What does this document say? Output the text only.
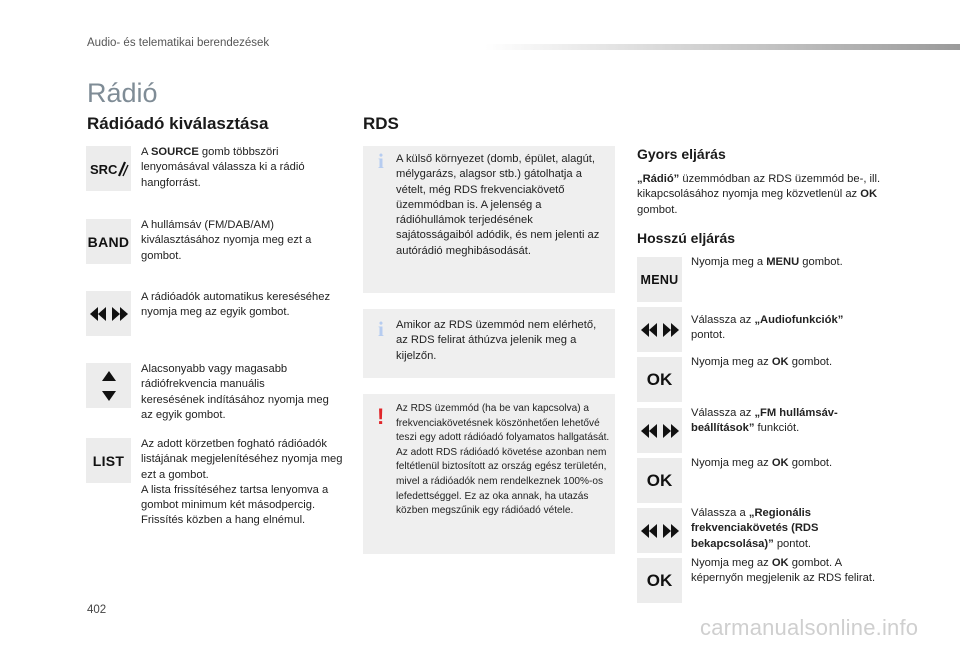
Audio- és telematikai berendezések
Rádió
Rádióadó kiválasztása
SRC
A SOURCE gomb többszöri lenyomásával válassza ki a rádió hangforrást.
BAND
A hullámsáv (FM/DAB/AM) kiválasztásához nyomja meg ezt a gombot.
A rádióadók automatikus kereséséhez nyomja meg az egyik gombot.
Alacsonyabb vagy magasabb rádiófrekvencia manuális keresésének indításához nyomja meg az egyik gombot.
LIST
Az adott körzetben fogható rádióadók listájának megjelenítéséhez nyomja meg ezt a gombot.
A lista frissítéséhez tartsa lenyomva a gombot minimum két másodpercig. Frissítés közben a hang elnémul.
RDS
i A külső környezet (domb, épület, alagút, mélygarázs, alagsor stb.) gátolhatja a vételt, még RDS frekvenciakövető üzemmódban is. A jelenség a rádióhullámok terjedésének sajátosságaiból adódik, és nem jelenti az autórádió meghibásodását.
i Amikor az RDS üzemmód nem elérhető, az RDS felirat áthúzva jelenik meg a kijelzőn.
! Az RDS üzemmód (ha be van kapcsolva) a frekvenciakövetésnek köszönhetően lehetővé teszi egy adott rádióadó folyamatos hallgatását. Az adott RDS rádióadó követése azonban nem feltétlenül biztosított az ország egész területén, mivel a rádióadók nem rendelkeznek 100%-os lefedettséggel. Ez az oka annak, ha utazás közben megszűnik egy rádióadó vétele.
Gyors eljárás
„Rádió” üzemmódban az RDS üzemmód be-, ill. kikapcsolásához nyomja meg közvetlenül az OK gombot.
Hosszú eljárás
MENU
Nyomja meg a MENU gombot.
Válassza az „Audiofunkciók” pontot.
OK
Nyomja meg az OK gombot.
Válassza az „FM hullámsáv-beállítások” funkciót.
OK
Nyomja meg az OK gombot.
Válassza a „Regionális frekvenciakövetés (RDS bekapcsolása)” pontot.
OK
Nyomja meg az OK gombot. A képernyőn megjelenik az RDS felirat.
402
carmanualsonline.info
